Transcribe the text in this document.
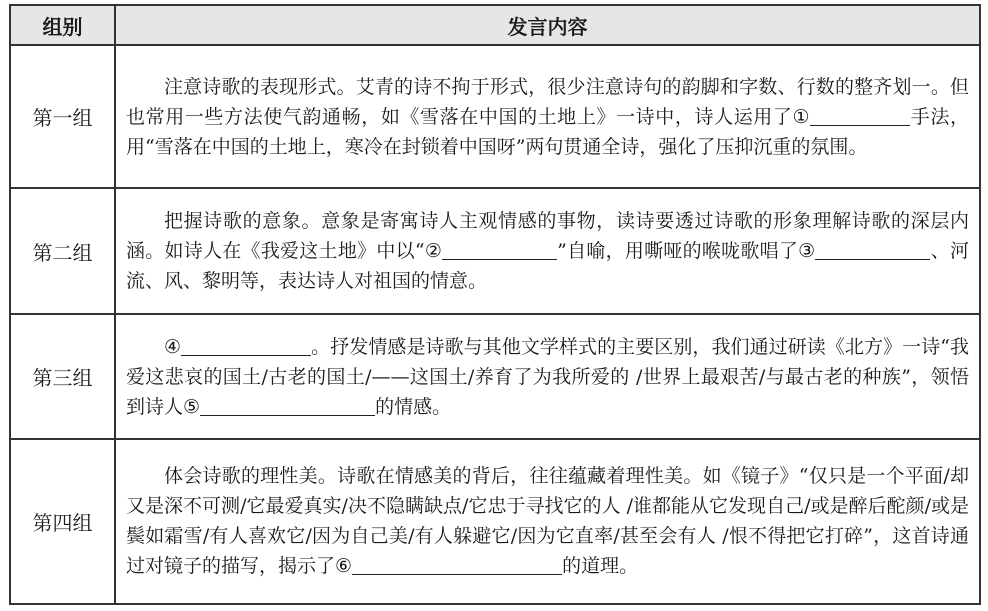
组别	发言内容
第一组	注意诗歌的表现形式。艾青的诗不拘于形式，很少注意诗句的韵脚和字数、行数的整齐划一。但也常用一些方法使气韵通畅，如《雪落在中国的土地上》一诗中，诗人运用了① 手法，用“雪落在中国的土地上，寒冷在封锁着中国呀”两句贯通全诗，强化了压抑沉重的氛围。

第二组	把握诗歌的意象。意象是寄寓诗人主观情感的事物，读诗要透过诗歌的形象理解诗歌的深层内涵。如诗人在《我爱这土地》中以“② ”自喻，用嘶哑的喉咙歌唱了③ 、河流、风、黎明等，表达诗人对祖国的情意。

第三组	④ 。抒发情感是诗歌与其他文学样式的主要区别，我们通过研读《北方》一诗“我爱这悲哀的国土/古老的国土/——这国土/养育了为我所爱的 /世界上最艰苦/与最古老的种族”，领悟到诗人⑤ 的情感。

第四组	体会诗歌的理性美。诗歌在情感美的背后，往往蕴藏着理性美。如《镜子》“仅只是一个平面/却又是深不可测/它最爱真实/决不隐瞒缺点/它忠于寻找它的人 /谁都能从它发现自己/或是醉后酡颜/或是鬓如霜雪/有人喜欢它/因为自己美/有人躲避它/因为它直率/甚至会有人 /恨不得把它打碎”，这首诗通过对镜子的描写，揭示了⑥ 的道理。
